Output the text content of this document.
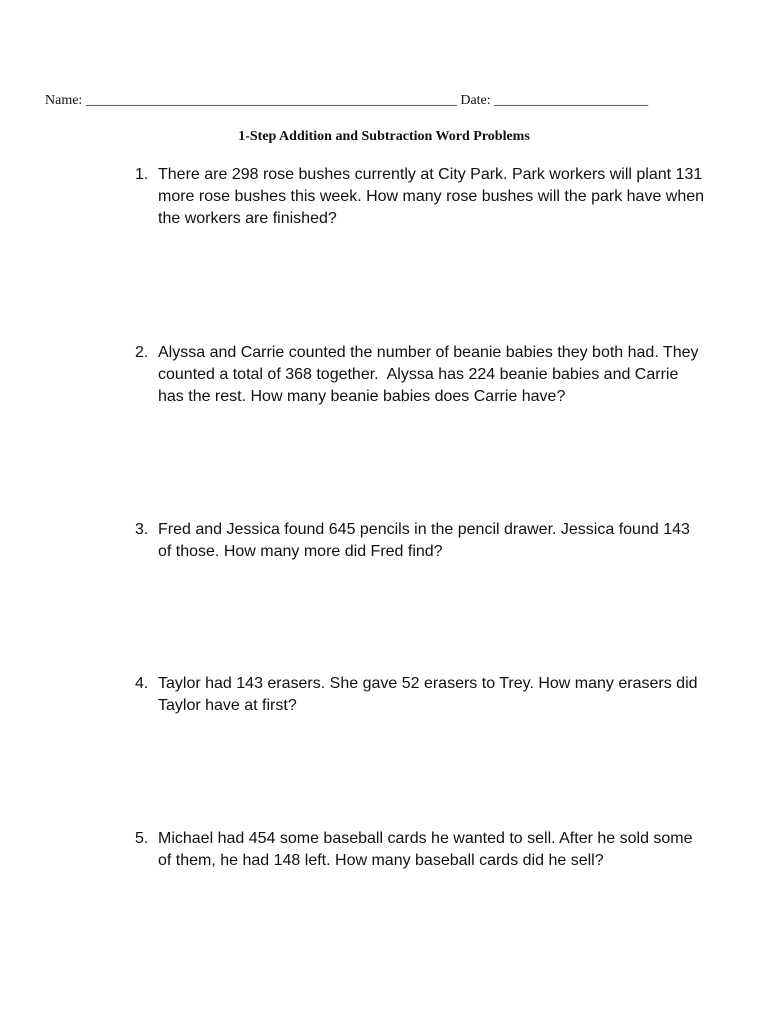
Name: _____________________________________________________ Date: ______________________
1-Step Addition and Subtraction Word Problems
1. There are 298 rose bushes currently at City Park. Park workers will plant 131 more rose bushes this week. How many rose bushes will the park have when the workers are finished?
2. Alyssa and Carrie counted the number of beanie babies they both had. They counted a total of 368 together.  Alyssa has 224 beanie babies and Carrie has the rest. How many beanie babies does Carrie have?
3. Fred and Jessica found 645 pencils in the pencil drawer. Jessica found 143 of those. How many more did Fred find?
4. Taylor had 143 erasers. She gave 52 erasers to Trey. How many erasers did Taylor have at first?
5. Michael had 454 some baseball cards he wanted to sell. After he sold some of them, he had 148 left. How many baseball cards did he sell?
